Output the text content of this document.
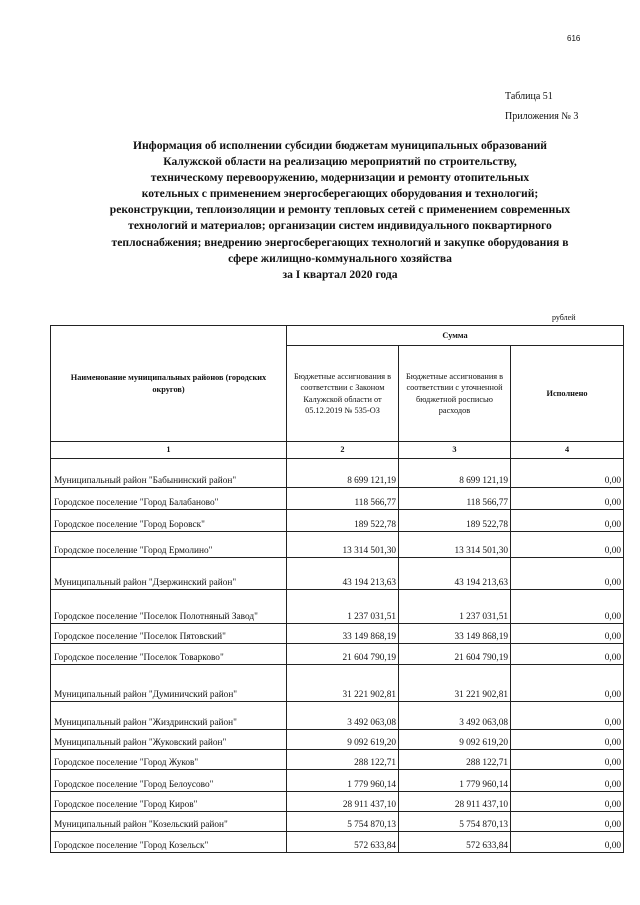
616
Таблица 51
Приложения № 3
Информация об исполнении субсидии бюджетам муниципальных образований
Калужской области на реализацию мероприятий по строительству,
техническому перевооружению, модернизации и ремонту отопительных
котельных с применением энергосберегающих оборудования и технологий;
реконструкции, теплоизоляции и ремонту тепловых сетей с применением современных
технологий и материалов; организации систем индивидуального поквартирного
теплоснабжения; внедрению энергосберегающих технологий и закупке оборудования в
сфере жилищно-коммунального хозяйства
за I квартал 2020 года
рублей
Наименование муниципальных районов (городских округов)	Сумма		
	Бюджетные ассигнования в соответствии с Законом Калужской области от 05.12.2019 № 535-ОЗ	Бюджетные ассигнования в соответствии с уточненной бюджетной росписью расходов	Исполнено
1	2	3	4
Муниципальный район "Бабынинский район"	8 699 121,19	8 699 121,19	0,00
Городское поселение "Город Балабаново"	118 566,77	118 566,77	0,00
Городское поселение "Город Боровск"	189 522,78	189 522,78	0,00
Городское поселение "Город Ермолино"	13 314 501,30	13 314 501,30	0,00
Муниципальный район "Дзержинский район"	43 194 213,63	43 194 213,63	0,00
Городское поселение "Поселок Полотняный Завод"	1 237 031,51	1 237 031,51	0,00
Городское поселение "Поселок Пятовский"	33 149 868,19	33 149 868,19	0,00
Городское поселение "Поселок Товарково"	21 604 790,19	21 604 790,19	0,00
Муниципальный район "Думиничский район"	31 221 902,81	31 221 902,81	0,00
Муниципальный район "Жиздринский район"	3 492 063,08	3 492 063,08	0,00
Муниципальный район "Жуковский район"	9 092 619,20	9 092 619,20	0,00
Городское поселение "Город Жуков"	288 122,71	288 122,71	0,00
Городское поселение "Город Белоусово"	1 779 960,14	1 779 960,14	0,00
Городское поселение "Город Киров"	28 911 437,10	28 911 437,10	0,00
Муниципальный район "Козельский район"	5 754 870,13	5 754 870,13	0,00
Городское поселение "Город Козельск"	572 633,84	572 633,84	0,00
